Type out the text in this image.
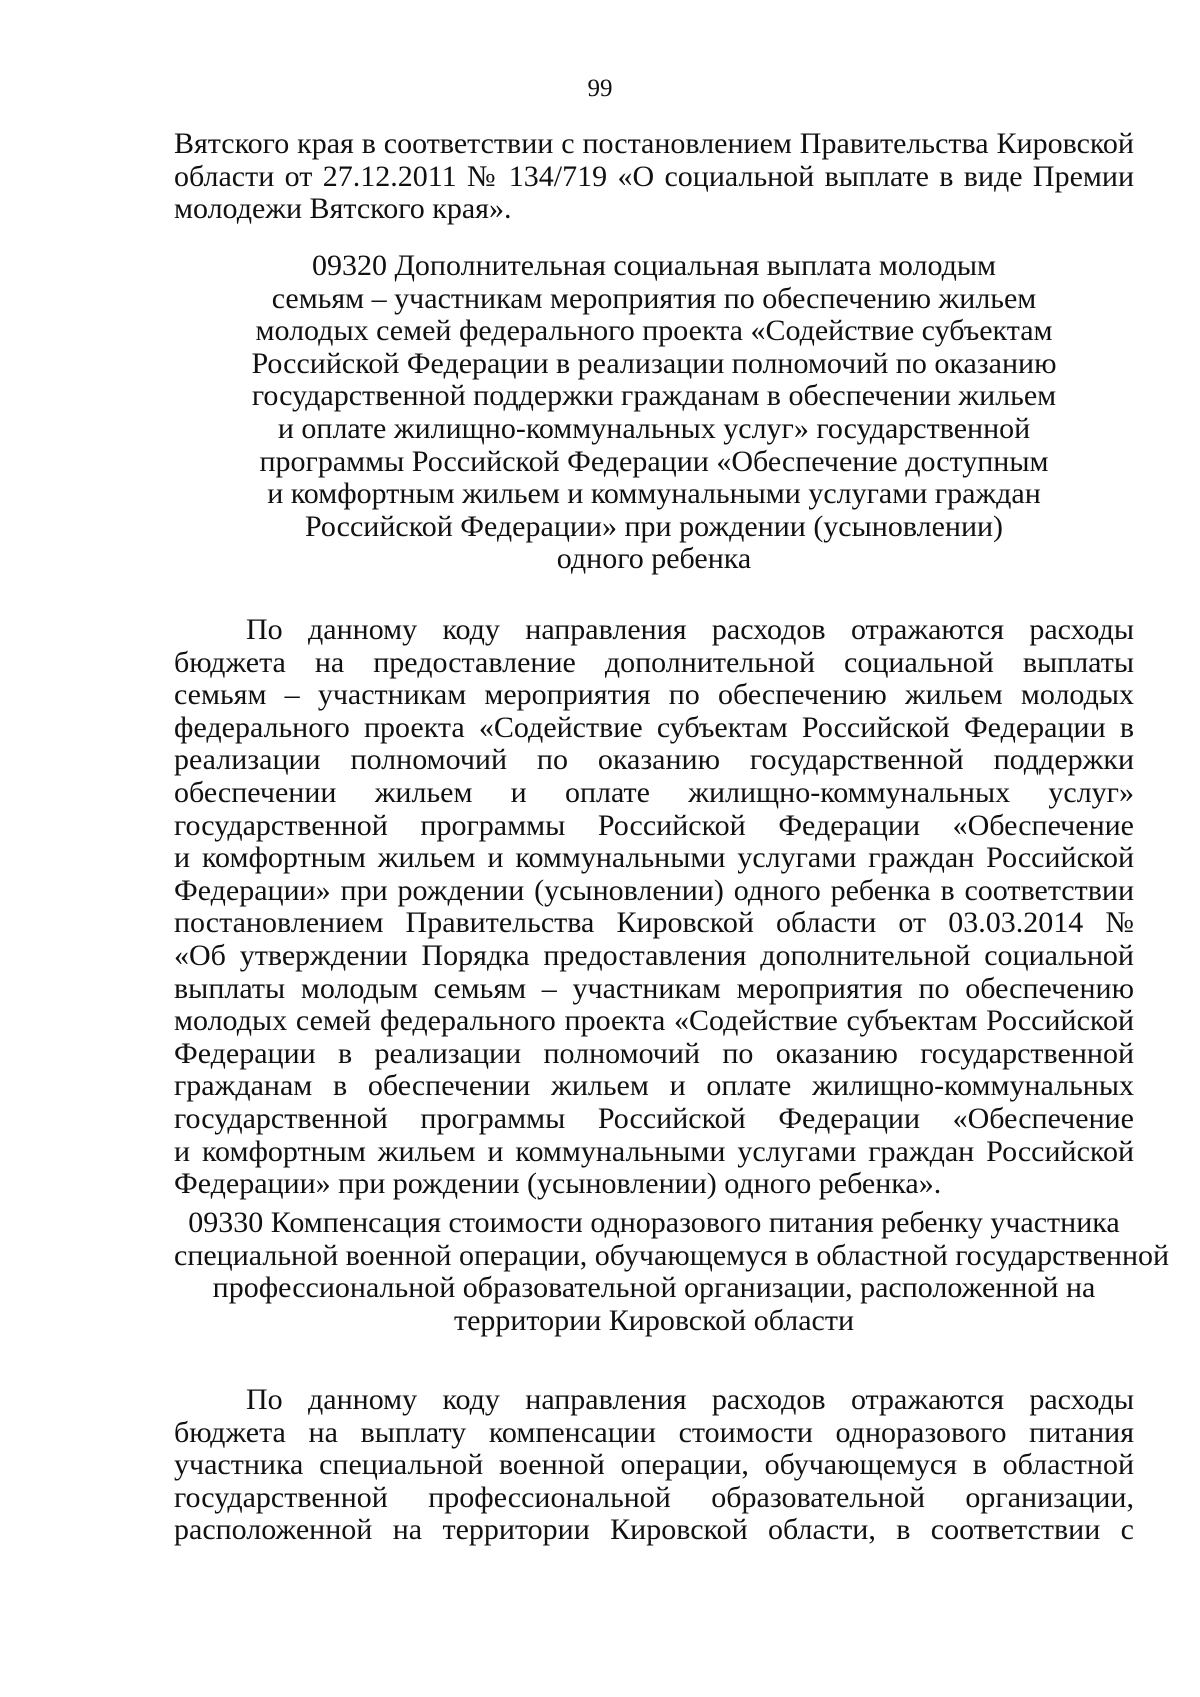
99
Вятского края в соответствии с постановлением Правительства Кировской
области от 27.12.2011 № 134/719 «О социальной выплате в виде Премии
молодежи Вятского края».
09320 Дополнительная социальная выплата молодым
семьям – участникам мероприятия по обеспечению жильем
молодых семей федерального проекта «Содействие субъектам
Российской Федерации в реализации полномочий по оказанию
государственной поддержки гражданам в обеспечении жильем
и оплате жилищно-коммунальных услуг» государственной
программы Российской Федерации «Обеспечение доступным
и комфортным жильем и коммунальными услугами граждан
Российской Федерации» при рождении (усыновлении)
одного ребенка
По данному коду направления расходов отражаются расходы
бюджета на предоставление дополнительной социальной выплаты
семьям – участникам мероприятия по обеспечению жильем молодых
федерального проекта «Содействие субъектам Российской Федерации в
реализации полномочий по оказанию государственной поддержки
обеспечении жильем и оплате жилищно-коммунальных услуг»
государственной программы Российской Федерации «Обеспечение
и комфортным жильем и коммунальными услугами граждан Российской
Федерации» при рождении (усыновлении) одного ребенка в соответствии
постановлением Правительства Кировской области от 03.03.2014 №
«Об утверждении Порядка предоставления дополнительной социальной
выплаты молодым семьям – участникам мероприятия по обеспечению
молодых семей федерального проекта «Содействие субъектам Российской
Федерации в реализации полномочий по оказанию государственной
гражданам в обеспечении жильем и оплате жилищно-коммунальных
государственной программы Российской Федерации «Обеспечение
и комфортным жильем и коммунальными услугами граждан Российской
Федерации» при рождении (усыновлении) одного ребенка».
09330 Компенсация стоимости одноразового питания ребенку участника
специальной военной операции, обучающемуся в областной государственной
профессиональной образовательной организации, расположенной на
территории Кировской области
По данному коду направления расходов отражаются расходы
бюджета на выплату компенсации стоимости одноразового питания
участника специальной военной операции, обучающемуся в областной
государственной профессиональной образовательной организации,
расположенной на территории Кировской области, в соответствии с
